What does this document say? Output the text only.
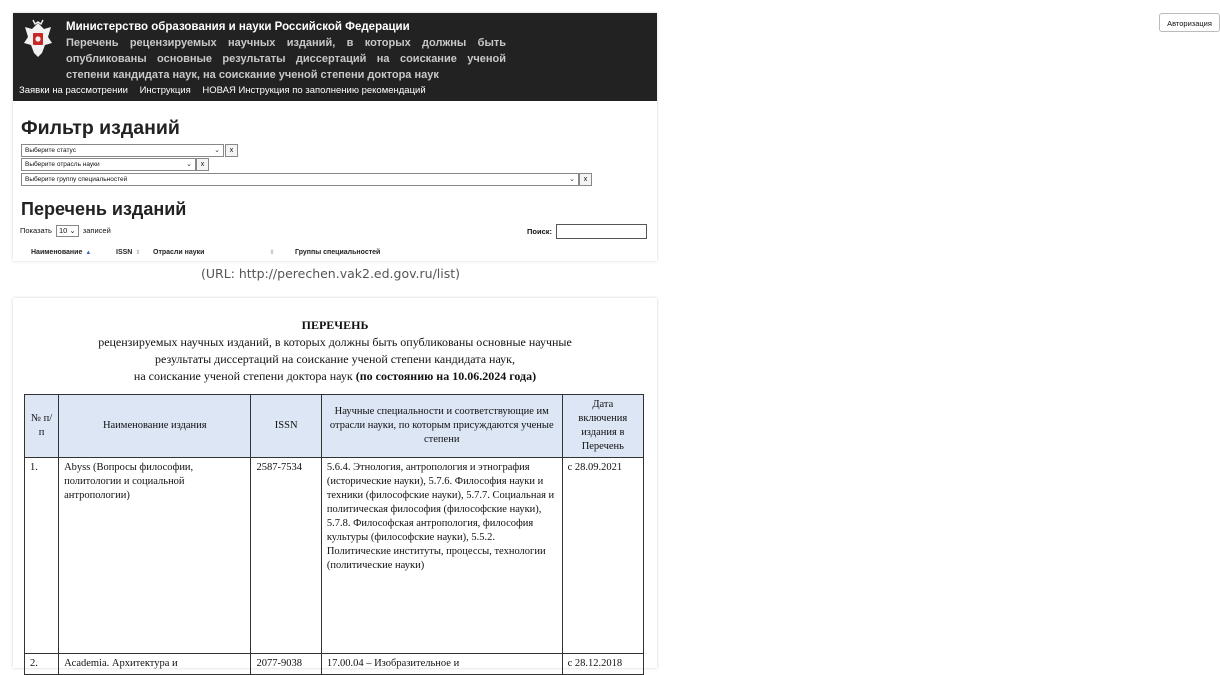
Министерство образования и науки Российской Федерации
Перечень рецензируемых научных изданий, в которых должны быть опубликованы основные результаты диссертаций на соискание ученой степени кандидата наук, на соискание ученой степени доктора наук
Авторизация
Заявки на рассмотрении Инструкция НОВАЯ Инструкция по заполнению рекомендаций
Фильтр изданий
Выберите статус	⌄	x
Выберите отрасль науки	⌄	x
Выберите группу специальностей	⌄	x
Перечень изданий
Показать 10 ⌄ записей	Поиск:
Наименование ▲	ISSN ⇕ Отрасли науки	⇕	Группы специальностей
(URL: http://perechen.vak2.ed.gov.ru/list)
ПЕРЕЧЕНЬ
рецензируемых научных изданий, в которых должны быть опубликованы основные научные
результаты диссертаций на соискание ученой степени кандидата наук,
на соискание ученой степени доктора наук (по состоянию на 10.06.2024 года)
№ п/п	Наименование издания	ISSN	Научные специальности и соответствующие им отрасли науки, по которым присуждаются ученые степени	Дата включения издания в Перечень
1.	Abyss (Вопросы философии, политологии и социальной антропологии)	2587-7534	5.6.4. Этнология, антропология и этнография (исторические науки), 5.7.6. Философия науки и техники (философские науки), 5.7.7. Социальная и политическая философия (философские науки), 5.7.8. Философская антропология, философия культуры (философские науки), 5.5.2. Политические институты, процессы, технологии (политические науки)	с 28.09.2021
2.	Academia. Архитектура и	2077-9038	17.00.04 – Изобразительное и	с 28.12.2018
